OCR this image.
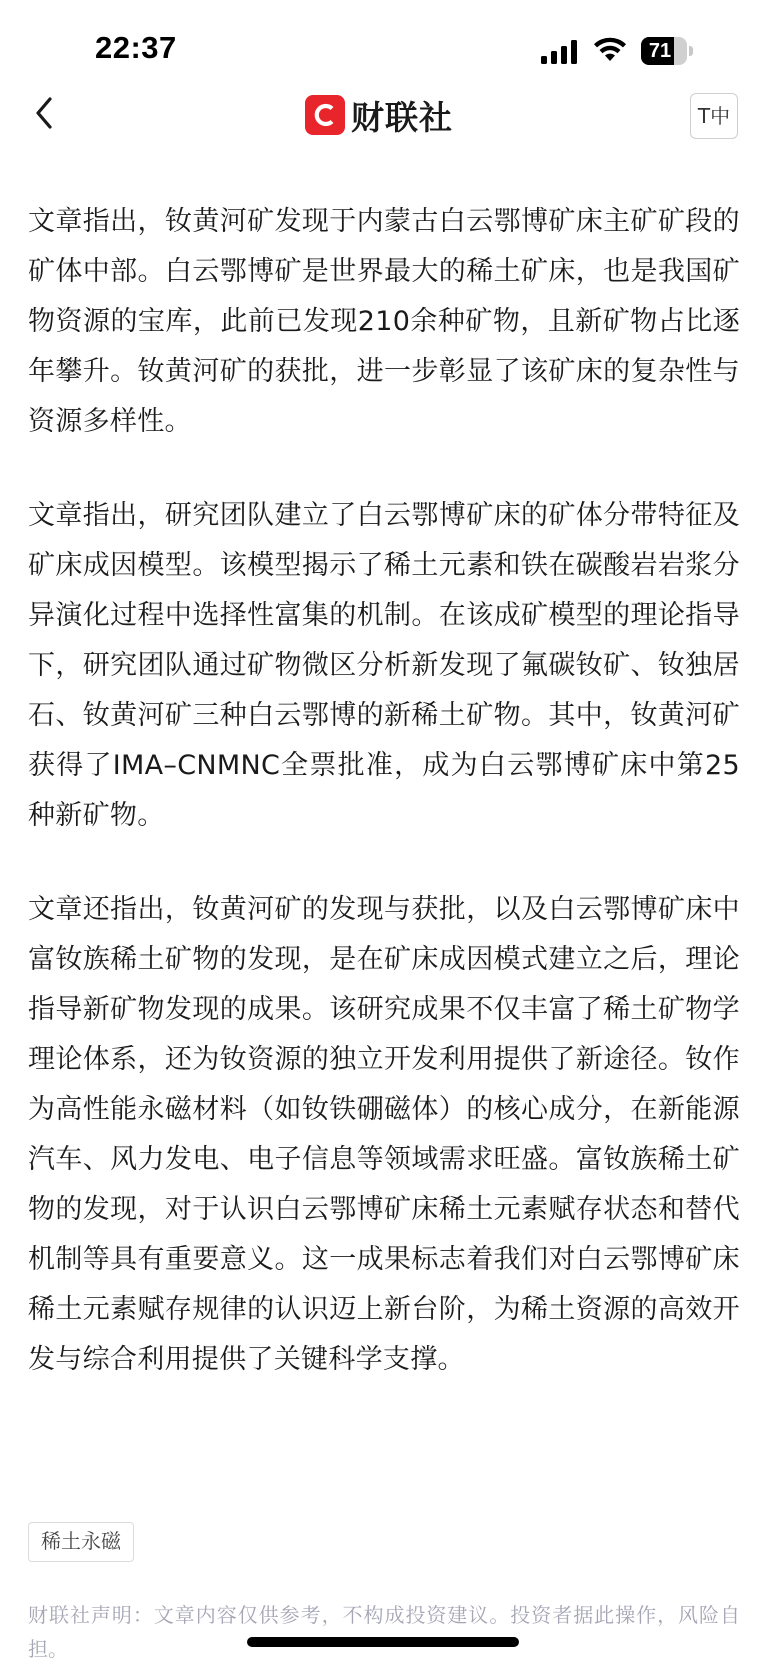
22:37	71
财联社	T中

文章指出，钕黄河矿发现于内蒙古白云鄂博矿床主矿矿段的矿体中部。白云鄂博矿是世界最大的稀土矿床，也是我国矿物资源的宝库，此前已发现210余种矿物，且新矿物占比逐年攀升。钕黄河矿的获批，进一步彰显了该矿床的复杂性与资源多样性。

文章指出，研究团队建立了白云鄂博矿床的矿体分带特征及矿床成因模型。该模型揭示了稀土元素和铁在碳酸岩岩浆分异演化过程中选择性富集的机制。在该成矿模型的理论指导下，研究团队通过矿物微区分析新发现了氟碳钕矿、钕独居石、钕黄河矿三种白云鄂博的新稀土矿物。其中，钕黄河矿获得了IMA–CNMNC全票批准，成为白云鄂博矿床中第25种新矿物。

文章还指出，钕黄河矿的发现与获批，以及白云鄂博矿床中富钕族稀土矿物的发现，是在矿床成因模式建立之后，理论指导新矿物发现的成果。该研究成果不仅丰富了稀土矿物学理论体系，还为钕资源的独立开发利用提供了新途径。钕作为高性能永磁材料（如钕铁硼磁体）的核心成分，在新能源汽车、风力发电、电子信息等领域需求旺盛。富钕族稀土矿物的发现，对于认识白云鄂博矿床稀土元素赋存状态和替代机制等具有重要意义。这一成果标志着我们对白云鄂博矿床稀土元素赋存规律的认识迈上新台阶，为稀土资源的高效开发与综合利用提供了关键科学支撑。

稀土永磁

财联社声明：文章内容仅供参考，不构成投资建议。投资者据此操作，风险自担。
